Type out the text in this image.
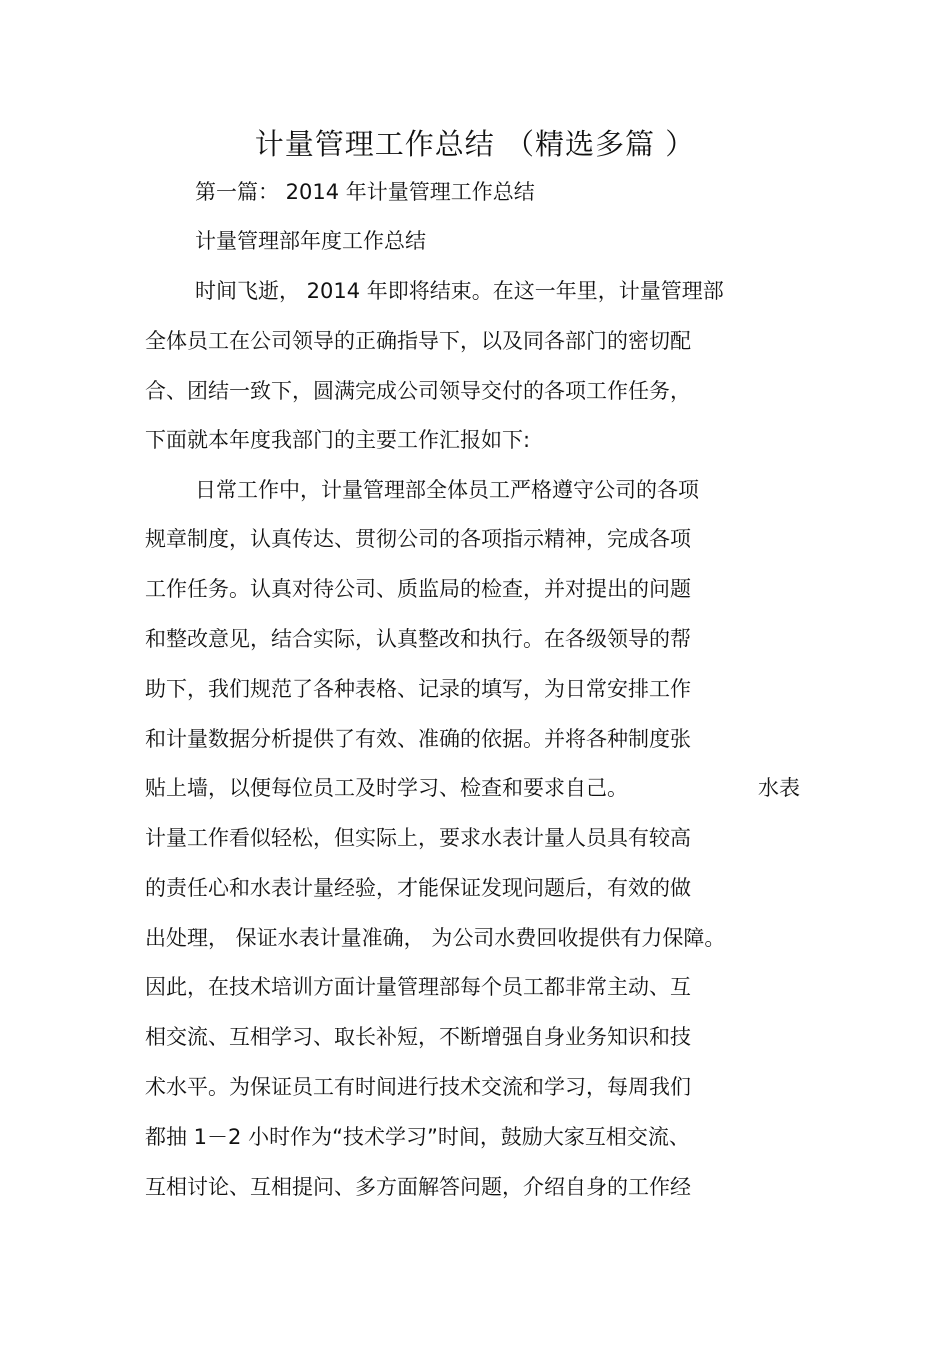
计量管理工作总结 （精选多篇 ）
第一篇： 2014 年计量管理工作总结
计量管理部年度工作总结
时间飞逝， 2014 年即将结束。在这一年里，计量管理部
全体员工在公司领导的正确指导下，以及同各部门的密切配
合、团结一致下，圆满完成公司领导交付的各项工作任务，
下面就本年度我部门的主要工作汇报如下:
日常工作中，计量管理部全体员工严格遵守公司的各项
规章制度，认真传达、贯彻公司的各项指示精神，完成各项
工作任务。认真对待公司、质监局的检查，并对提出的问题
和整改意见，结合实际，认真整改和执行。在各级领导的帮
助下，我们规范了各种表格、记录的填写，为日常安排工作
和计量数据分析提供了有效、准确的依据。并将各种制度张
贴上墙，以便每位员工及时学习、检查和要求自己。	水表
计量工作看似轻松，但实际上，要求水表计量人员具有较高
的责任心和水表计量经验，才能保证发现问题后，有效的做
出处理， 保证水表计量准确， 为公司水费回收提供有力保障。
因此，在技术培训方面计量管理部每个员工都非常主动、互
相交流、互相学习、取长补短，不断增强自身业务知识和技
术水平。为保证员工有时间进行技术交流和学习，每周我们
都抽 1－2 小时作为“技术学习”时间，鼓励大家互相交流、
互相讨论、互相提问、多方面解答问题，介绍自身的工作经
